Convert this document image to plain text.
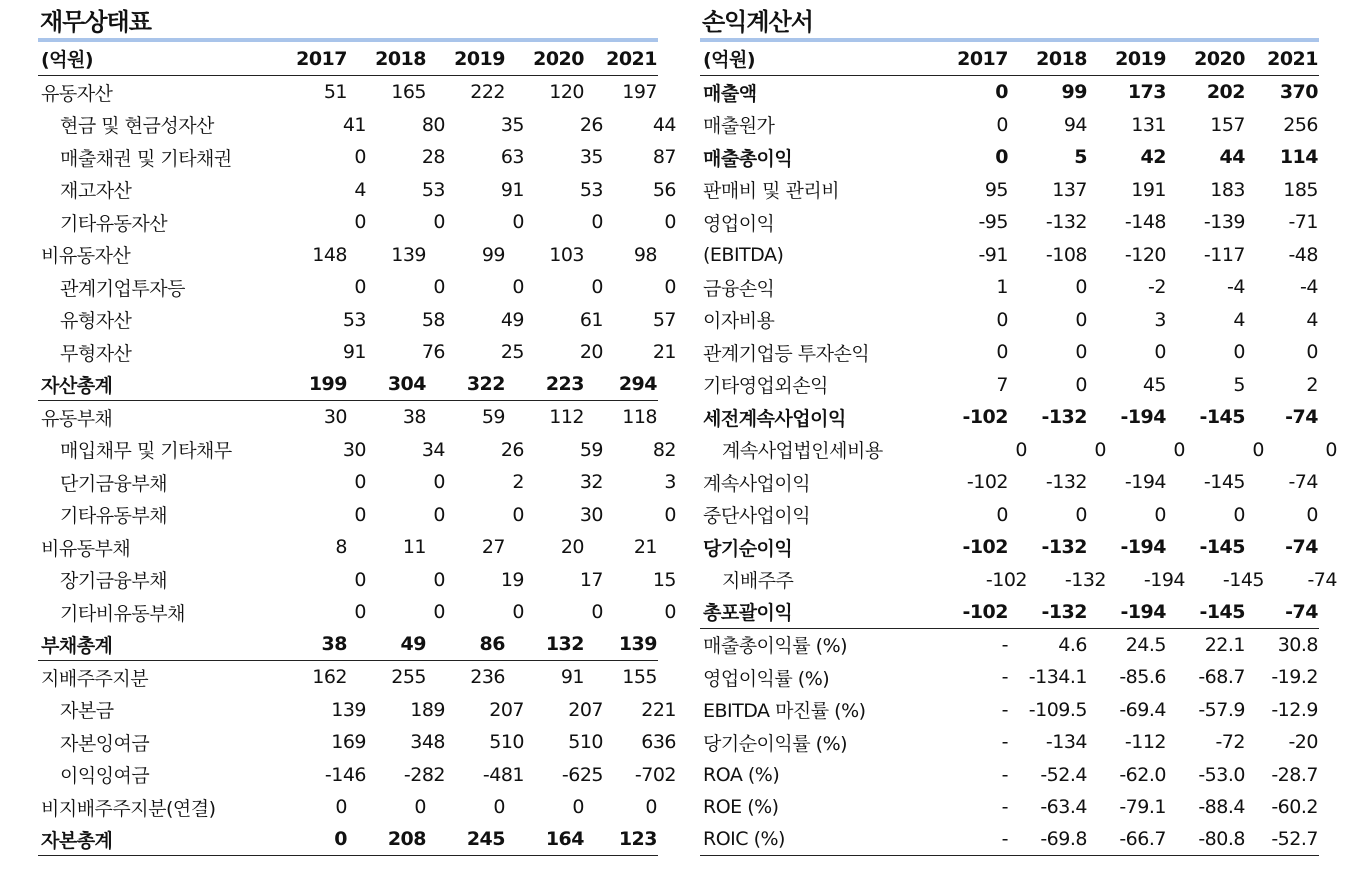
재무상태표
(억원)	2017	2018	2019	2020	2021
유동자산	51	165	222	120	197
현금 및 현금성자산	41	80	35	26	44
매출채권 및 기타채권	0	28	63	35	87
재고자산	4	53	91	53	56
기타유동자산	0	0	0	0	0
비유동자산	148	139	99	103	98
관계기업투자등	0	0	0	0	0
유형자산	53	58	49	61	57
무형자산	91	76	25	20	21
자산총계	199	304	322	223	294
유동부채	30	38	59	112	118
매입채무 및 기타채무	30	34	26	59	82
단기금융부채	0	0	2	32	3
기타유동부채	0	0	0	30	0
비유동부채	8	11	27	20	21
장기금융부채	0	0	19	17	15
기타비유동부채	0	0	0	0	0
부채총계	38	49	86	132	139
지배주주지분	162	255	236	91	155
자본금	139	189	207	207	221
자본잉여금	169	348	510	510	636
이익잉여금	-146	-282	-481	-625	-702
비지배주주지분(연결)	0	0	0	0	0
자본총계	0	208	245	164	123
손익계산서
(억원)	2017	2018	2019	2020	2021
매출액	0	99	173	202	370
매출원가	0	94	131	157	256
매출총이익	0	5	42	44	114
판매비 및 관리비	95	137	191	183	185
영업이익	-95	-132	-148	-139	-71
(EBITDA)	-91	-108	-120	-117	-48
금융손익	1	0	-2	-4	-4
이자비용	0	0	3	4	4
관계기업등 투자손익	0	0	0	0	0
기타영업외손익	7	0	45	5	2
세전계속사업이익	-102	-132	-194	-145	-74
계속사업법인세비용	0	0	0	0	0
계속사업이익	-102	-132	-194	-145	-74
중단사업이익	0	0	0	0	0
당기순이익	-102	-132	-194	-145	-74
지배주주	-102	-132	-194	-145	-74
총포괄이익	-102	-132	-194	-145	-74
매출총이익률 (%)	-	4.6	24.5	22.1	30.8
영업이익률 (%)	-	-134.1	-85.6	-68.7	-19.2
EBITDA 마진률 (%)	-	-109.5	-69.4	-57.9	-12.9
당기순이익률 (%)	-	-134	-112	-72	-20
ROA (%)	-	-52.4	-62.0	-53.0	-28.7
ROE (%)	-	-63.4	-79.1	-88.4	-60.2
ROIC (%)	-	-69.8	-66.7	-80.8	-52.7
